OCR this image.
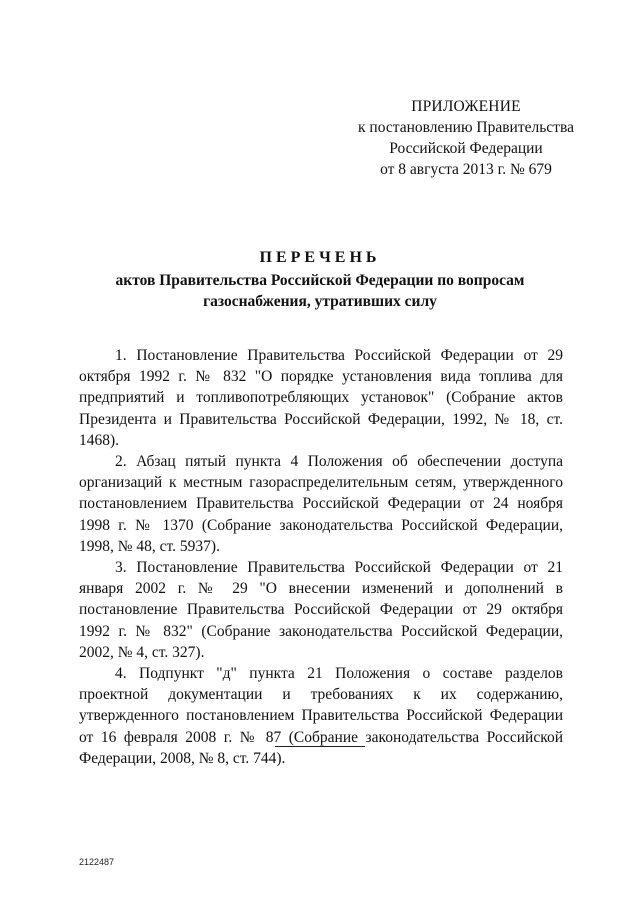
ПРИЛОЖЕНИЕ
к постановлению Правительства
Российской Федерации
от 8 августа 2013 г. № 679
ПЕРЕЧЕНЬ
актов Правительства Российской Федерации по вопросам
газоснабжения, утративших силу

1. Постановление Правительства Российской Федерации от 29 октября 1992 г. № 832 "О порядке установления вида топлива для предприятий и топливопотребляющих установок" (Собрание актов Президента и Правительства Российской Федерации, 1992, № 18, ст. 1468).

2. Абзац пятый пункта 4 Положения об обеспечении доступа организаций к местным газораспределительным сетям, утвержденного постановлением Правительства Российской Федерации от 24 ноября 1998 г. № 1370 (Собрание законодательства Российской Федерации, 1998, № 48, ст. 5937).

3. Постановление Правительства Российской Федерации от 21 января 2002 г. № 29 "О внесении изменений и дополнений в постановление Правительства Российской Федерации от 29 октября 1992 г. № 832" (Собрание законодательства Российской Федерации, 2002, № 4, ст. 327).

4. Подпункт "д" пункта 21 Положения о составе разделов проектной документации и требованиях к их содержанию, утвержденного постановлением Правительства Российской Федерации от 16 февраля 2008 г. № 87 (Собрание законодательства Российской Федерации, 2008, № 8, ст. 744).

2122487
